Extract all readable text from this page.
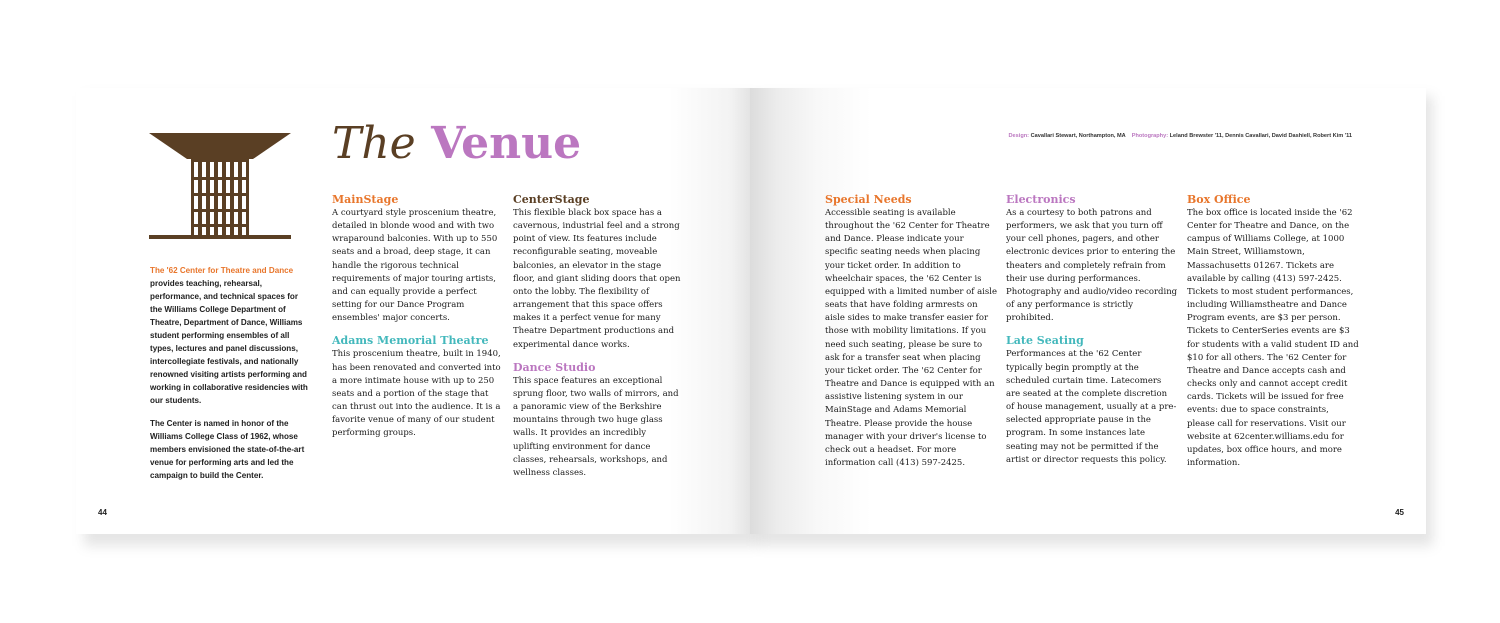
The '62 Center for Theatre and Dance provides teaching, rehearsal, performance, and technical spaces for the Williams College Department of Theatre, Department of Dance, Williams student performing ensembles of all types, lectures and panel discussions, intercollegiate festivals, and nationally renowned visiting artists performing and working in collaborative residencies with our students.

The Center is named in honor of the Williams College Class of 1962, whose members envisioned the state-of-the-art venue for performing arts and led the campaign to build the Center.

The Venue
MainStage

A courtyard style proscenium theatre, detailed in blonde wood and with two wraparound balconies. With up to 550 seats and a broad, deep stage, it can handle the rigorous technical requirements of major touring artists, and can equally provide a perfect setting for our Dance Program ensembles' major concerts.

Adams Memorial Theatre

This proscenium theatre, built in 1940, has been renovated and converted into a more intimate house with up to 250 seats and a portion of the stage that can thrust out into the audience. It is a favorite venue of many of our student performing groups.

CenterStage

This flexible black box space has a cavernous, industrial feel and a strong point of view. Its features include reconfigurable seating, moveable balconies, an elevator in the stage floor, and giant sliding doors that open onto the lobby. The flexibility of arrangement that this space offers makes it a perfect venue for many Theatre Department productions and experimental dance works.

Dance Studio

This space features an exceptional sprung floor, two walls of mirrors, and a panoramic view of the Berkshire mountains through two huge glass walls. It provides an incredibly uplifting environment for dance classes, rehearsals, workshops, and wellness classes.

44
Design: Cavallari Stewart, Northampton, MA Photography: Leland Brewster '11, Dennis Cavallari, David Dashiell, Robert Kim '11
Special Needs

Accessible seating is available throughout the '62 Center for Theatre and Dance. Please indicate your specific seating needs when placing your ticket order. In addition to wheelchair spaces, the '62 Center is equipped with a limited number of aisle seats that have folding armrests on aisle sides to make transfer easier for those with mobility limitations. If you need such seating, please be sure to ask for a transfer seat when placing your ticket order. The '62 Center for Theatre and Dance is equipped with an assistive listening system in our MainStage and Adams Memorial Theatre. Please provide the house manager with your driver's license to check out a headset. For more information call (413) 597-2425.

Electronics

As a courtesy to both patrons and performers, we ask that you turn off your cell phones, pagers, and other electronic devices prior to entering the theaters and completely refrain from their use during performances. Photography and audio/video recording of any performance is strictly prohibited.

Late Seating

Performances at the '62 Center typically begin promptly at the scheduled curtain time. Latecomers are seated at the complete discretion of house management, usually at a pre-selected appropriate pause in the program. In some instances late seating may not be permitted if the artist or director requests this policy.

Box Office

The box office is located inside the '62 Center for Theatre and Dance, on the campus of Williams College, at 1000 Main Street, Williamstown, Massachusetts 01267. Tickets are available by calling (413) 597-2425. Tickets to most student performances, including Williamstheatre and Dance Program events, are $3 per person. Tickets to CenterSeries events are $3 for students with a valid student ID and $10 for all others. The '62 Center for Theatre and Dance accepts cash and checks only and cannot accept credit cards. Tickets will be issued for free events: due to space constraints, please call for reservations. Visit our website at 62center.williams.edu for updates, box office hours, and more information.

45
